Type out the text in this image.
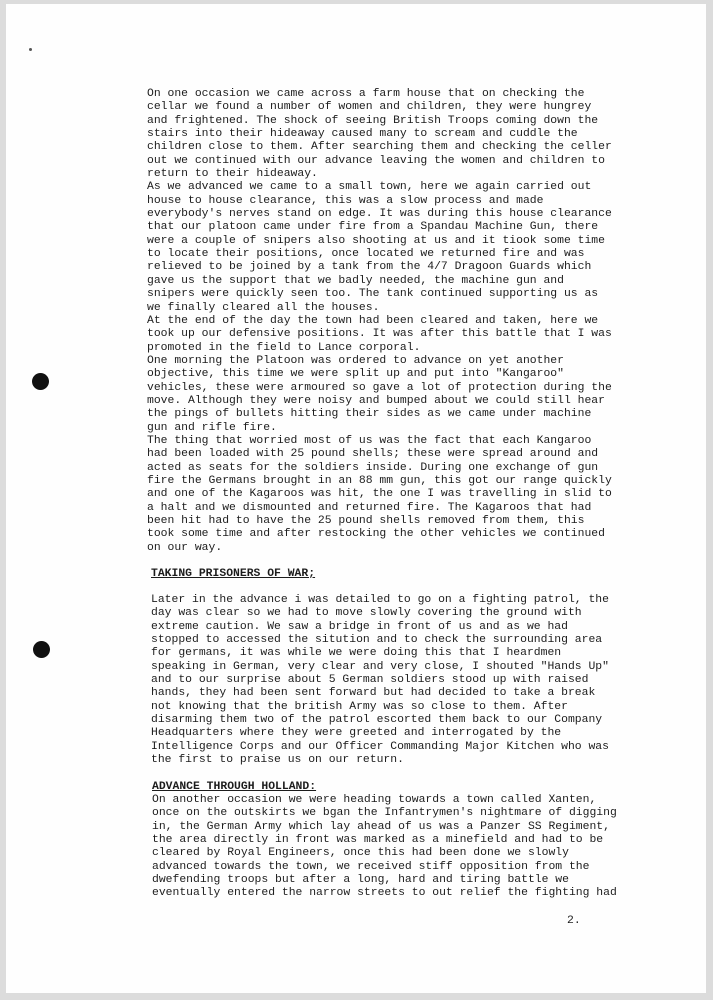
On one occasion we came across a farm house that on checking the
cellar we found a number of women and children, they were hungrey
and frightened. The shock of seeing British Troops coming down the
stairs into their hideaway caused many to scream and cuddle the
children close to them. After searching them and checking the celler
out we continued with our advance leaving the women and children to
return to their hideaway.
As we advanced we came to a small town, here we again carried out
house to house clearance, this was a slow process and made
everybody's nerves stand on edge. It was during this house clearance
that our platoon came under fire from a Spandau Machine Gun, there
were a couple of snipers also shooting at us and it tiook some time
to locate their positions, once located we returned fire and was
relieved to be joined by a tank from the 4/7 Dragoon Guards which
gave us the support that we badly needed, the machine gun and
snipers were quickly seen too. The tank continued supporting us as
we finally cleared all the houses.
At the end of the day the town had been cleared and taken, here we
took up our defensive positions. It was after this battle that I was
promoted in the field to Lance corporal.
One morning the Platoon was ordered to advance on yet another
objective, this time we were split up and put into "Kangaroo"
vehicles, these were armoured so gave a lot of protection during the
move. Although they were noisy and bumped about we could still hear
the pings of bullets hitting their sides as we came under machine
gun and rifle fire.
The thing that worried most of us was the fact that each Kangaroo
had been loaded with 25 pound shells; these were spread around and
acted as seats for the soldiers inside. During one exchange of gun
fire the Germans brought in an 88 mm gun, this got our range quickly
and one of the Kagaroos was hit, the one I was travelling in slid to
a halt and we dismounted and returned fire. The Kagaroos that had
been hit had to have the 25 pound shells removed from them, this
took some time and after restocking the other vehicles we continued
on our way.
TAKING PRISONERS OF WAR;
Later in the advance i was detailed to go on a fighting patrol, the
day was clear so we had to move slowly covering the ground with
extreme caution. We saw a bridge in front of us and as we had
stopped to accessed the sitution and to check the surrounding area
for germans, it was while we were doing this that I heardmen
speaking in German, very clear and very close, I shouted "Hands Up"
and to our surprise about 5 German soldiers stood up with raised
hands, they had been sent forward but had decided to take a break
not knowing that the british Army was so close to them. After
disarming them two of the patrol escorted them back to our Company
Headquarters where they were greeted and interrogated by the
Intelligence Corps and our Officer Commanding Major Kitchen who was
the first to praise us on our return.
ADVANCE THROUGH HOLLAND:
On another occasion we were heading towards a town called Xanten,
once on the outskirts we bgan the Infantrymen's nightmare of digging
in, the German Army which lay ahead of us was a Panzer SS Regiment,
the area directly in front was marked as a minefield and had to be
cleared by Royal Engineers, once this had been done we slowly
advanced towards the town, we received stiff opposition from the
dwefending troops but after a long, hard and tiring battle we
eventually entered the narrow streets to out relief the fighting had
2.
